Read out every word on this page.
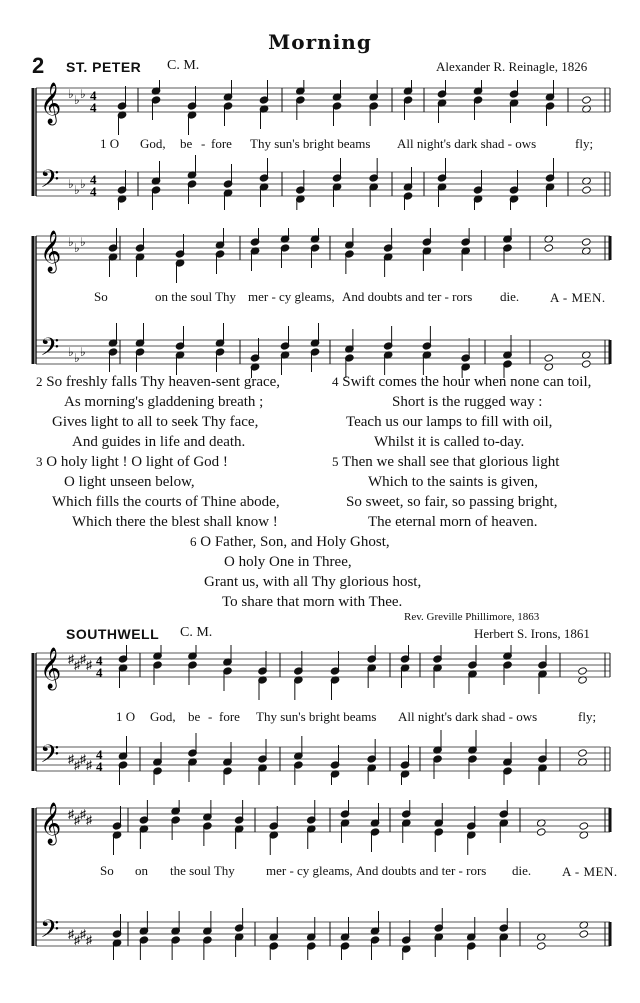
Morning
2 ST. PETER C. M.	Alexander R. Reinagle, 1826
𝄞
𝄢
♭
♭
♭
♭
♭
♭
4
4
4
4
1 O God, be - fore Thy sun's bright beams All night's dark shad - ows	fly;
𝄞
𝄢
♭
♭
♭
♭
♭
♭
So	on the soul Thy mer - cy gleams, And doubts and ter - rors die. A - MEN.
2 So freshly falls Thy heaven-sent grace,
As morning's gladdening breath ;
Gives light to all to seek Thy face,
And guides in life and death.
4 Swift comes the hour when none can toil,
Short is the rugged way :
Teach us our lamps to fill with oil,
Whilst it is called to-day.
3 O holy light ! O light of God !
O light unseen below,
Which fills the courts of Thine abode,
Which there the blest shall know !
5 Then we shall see that glorious light
Which to the saints is given,
So sweet, so fair, so passing bright,
The eternal morn of heaven.
6 O Father, Son, and Holy Ghost,
O holy One in Three,
Grant us, with all Thy glorious host,
To share that morn with Thee.
Rev. Greville Phillimore, 1863
SOUTHWELL C. M.	Herbert S. Irons, 1861
𝄞
𝄢
♯
♯
♯
♯
♯
♯
♯
♯
4
4
4
4
1 O God, be - fore Thy sun's bright beams All night's dark shad - ows	fly;
𝄞
𝄢
♯
♯
♯
♯
♯
♯
♯
♯
So on the soul Thy mer - cy gleams, And doubts and ter - rors die. A - MEN.
